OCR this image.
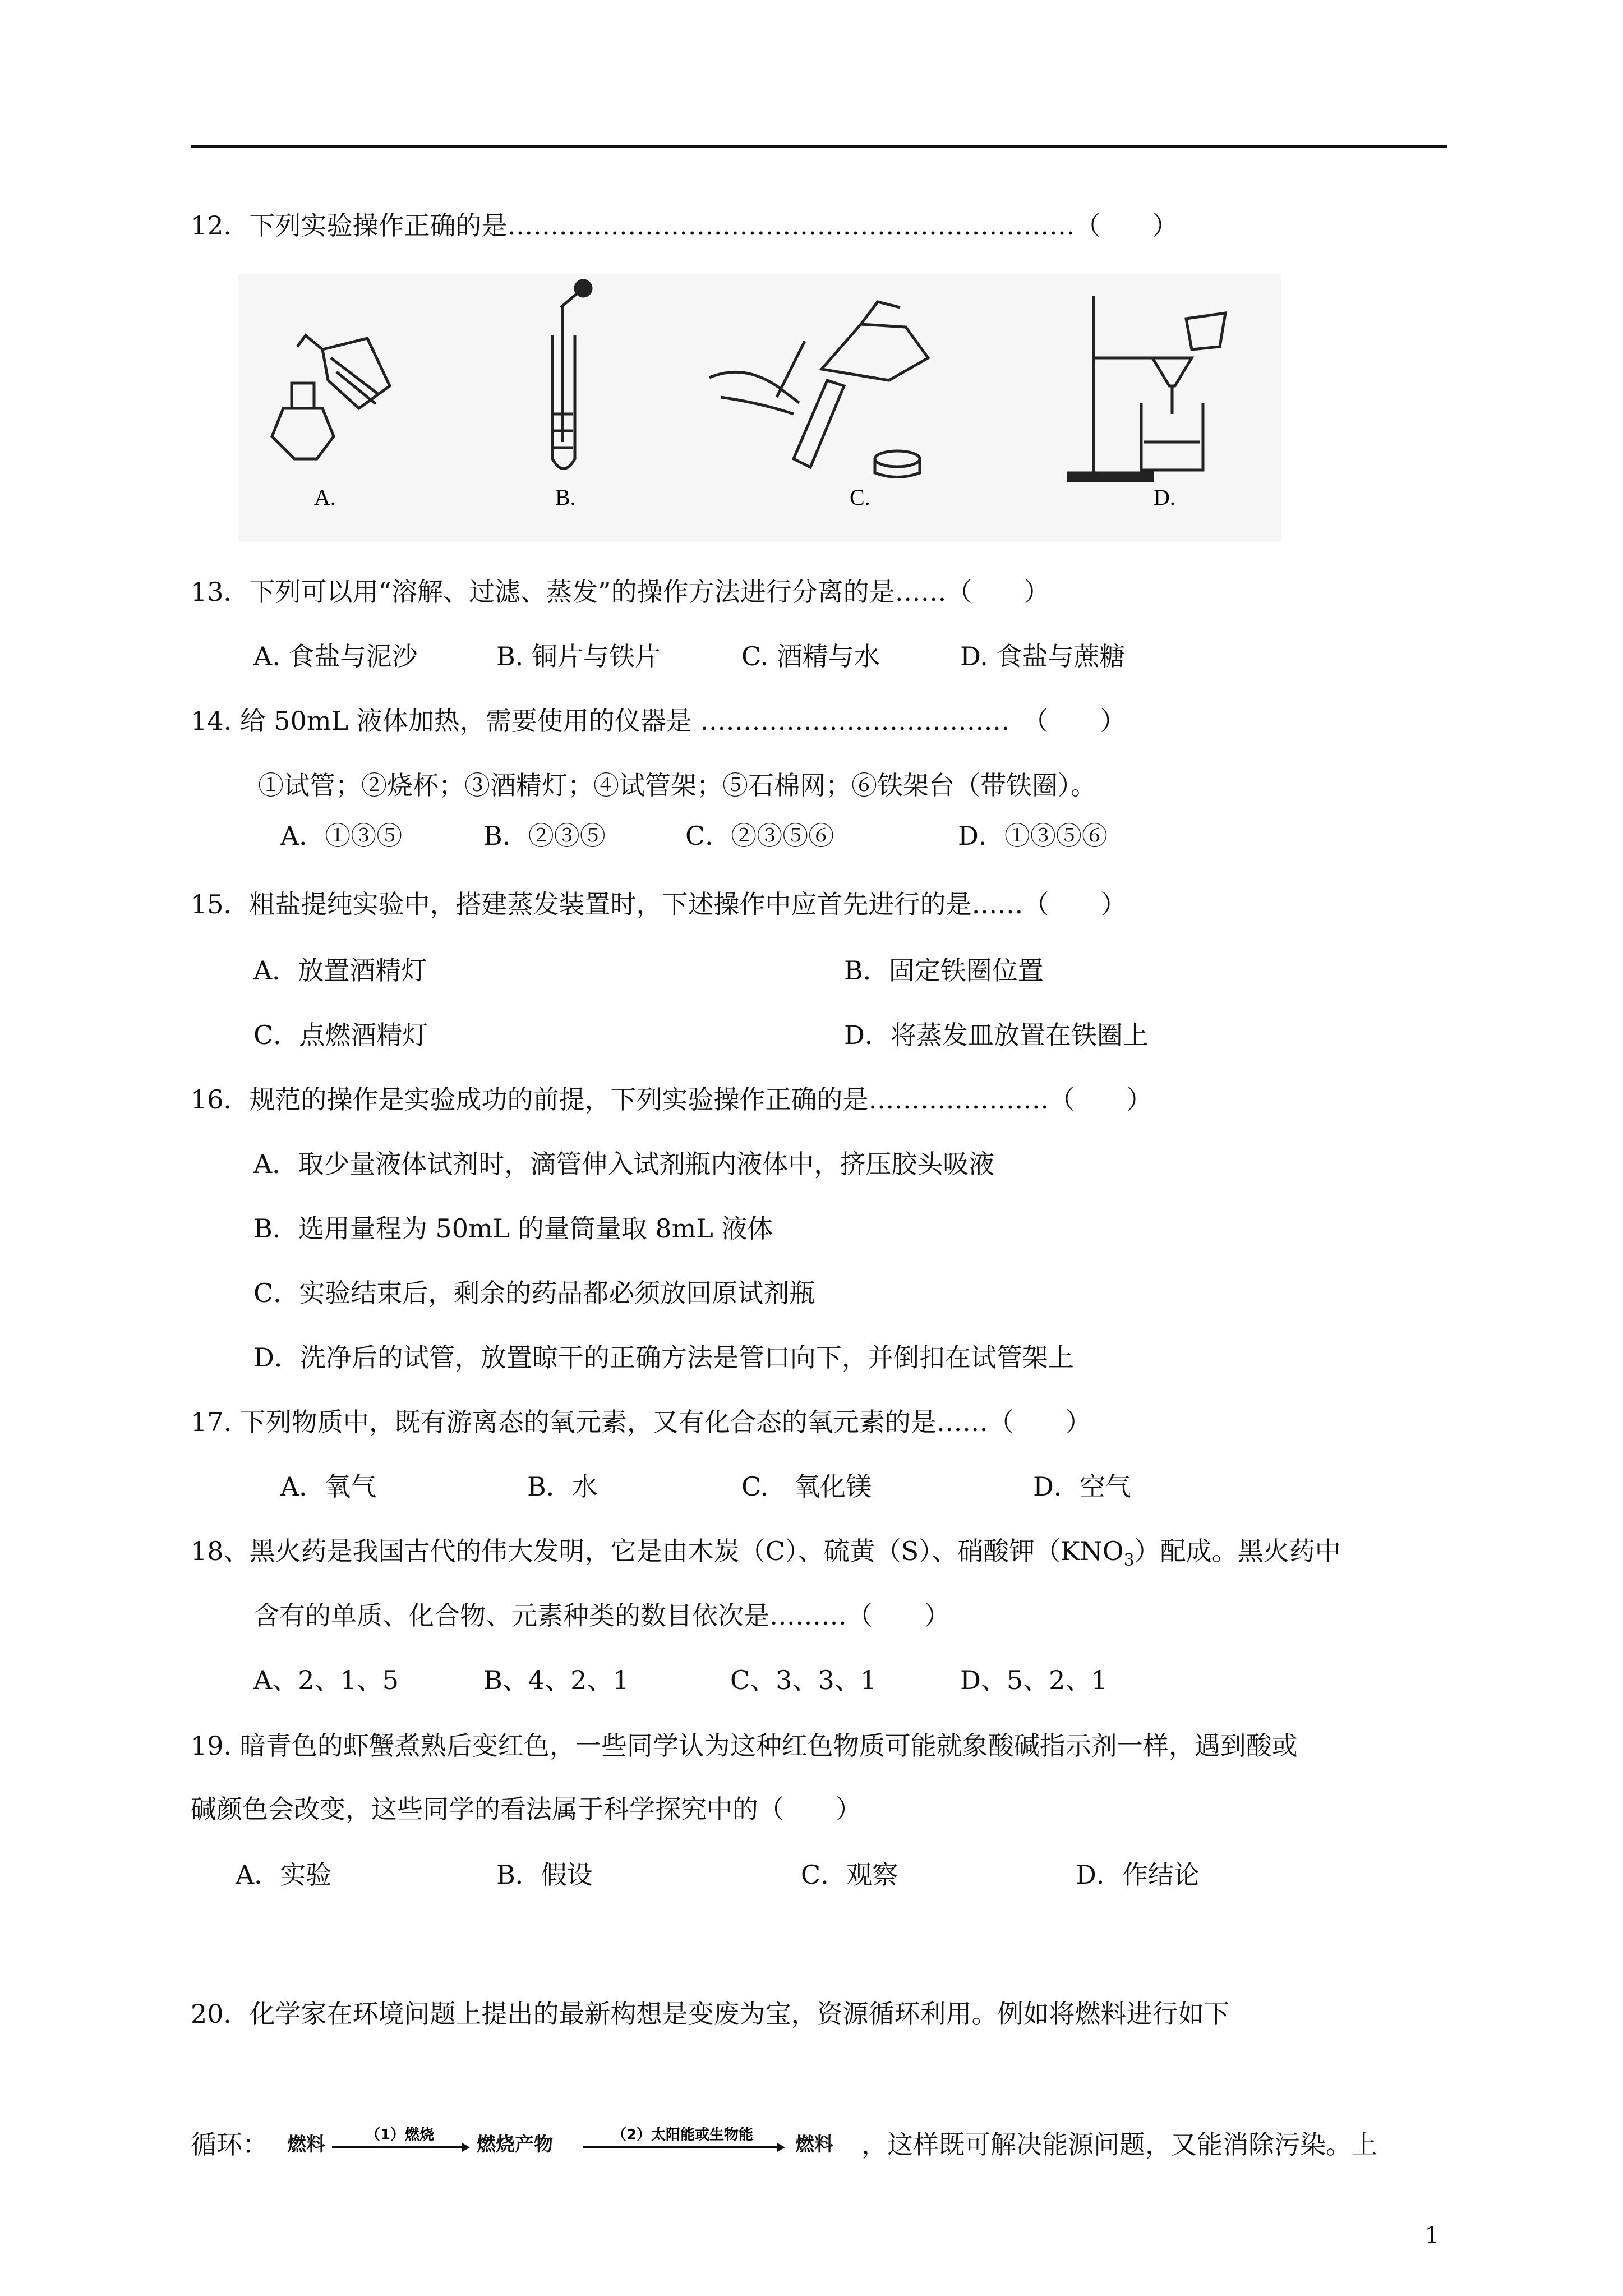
12．下列实验操作正确的是…………………………………………………………（　　）
A.	B.	C.	D.
13．下列可以用“溶解、过滤、蒸发”的操作方法进行分离的是……（　　）
A. 食盐与泥沙	B. 铜片与铁片	C. 酒精与水	D. 食盐与蔗糖
14. 给 50mL 液体加热，需要使用的仪器是 ………………………………　（　　）
①试管；②烧杯；③酒精灯；④试管架；⑤石棉网；⑥铁架台（带铁圈）。
A．①③⑤	B．②③⑤	C．②③⑤⑥	D．①③⑤⑥
15．粗盐提纯实验中，搭建蒸发装置时，下述操作中应首先进行的是……（　　）
A．放置酒精灯	B．固定铁圈位置
C．点燃酒精灯	D．将蒸发皿放置在铁圈上
16．规范的操作是实验成功的前提，下列实验操作正确的是…………………（　　）
A．取少量液体试剂时，滴管伸入试剂瓶内液体中，挤压胶头吸液
B．选用量程为 50mL 的量筒量取 8mL 液体
C．实验结束后，剩余的药品都必须放回原试剂瓶
D．洗净后的试管，放置晾干的正确方法是管口向下，并倒扣在试管架上
17. 下列物质中，既有游离态的氧元素，又有化合态的氧元素的是……（　　）
A．氧气	B．水	C.　氧化镁	D．空气
18、黑火药是我国古代的伟大发明，它是由木炭（C）、硫黄（S）、硝酸钾$(KNO_3)$配成。黑火药中
含有的单质、化合物、元素种类的数目依次是………（　　）
A、2、1、5	B、4、2、1	C、3、3、1	D、5、2、1
19. 暗青色的虾蟹煮熟后变红色，一些同学认为这种红色物质可能就象酸碱指示剂一样，遇到酸或
碱颜色会改变，这些同学的看法属于科学探究中的（　　）
A．实验	B．假设	C．观察	D．作结论
20．化学家在环境问题上提出的最新构想是变废为宝，资源循环利用。例如将燃料进行如下
循环： 燃料	（1）燃烧 燃烧产物	（2）太阳能或生物能 燃料 ，这样既可解决能源问题，又能消除污染。上
1
